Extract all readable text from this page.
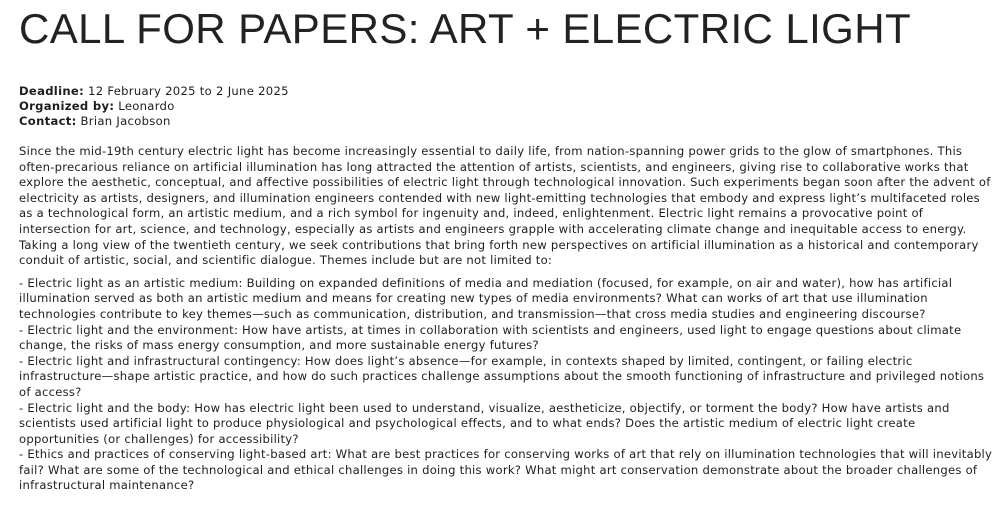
CALL FOR PAPERS: ART + ELECTRIC LIGHT
Deadline: 12 February 2025 to 2 June 2025
Organized by: Leonardo
Contact: Brian Jacobson

Since the mid-19th century electric light has become increasingly essential to daily life, from nation-spanning power grids to the glow of smartphones. This often-precarious reliance on artificial illumination has long attracted the attention of artists, scientists, and engineers, giving rise to collaborative works that explore the aesthetic, conceptual, and affective possibilities of electric light through technological innovation. Such experiments began soon after the advent of electricity as artists, designers, and illumination engineers contended with new light-emitting technologies that embody and express light’s multifaceted roles as a technological form, an artistic medium, and a rich symbol for ingenuity and, indeed, enlightenment. Electric light remains a provocative point of intersection for art, science, and technology, especially as artists and engineers grapple with accelerating climate change and inequitable access to energy. Taking a long view of the twentieth century, we seek contributions that bring forth new perspectives on artificial illumination as a historical and contemporary conduit of artistic, social, and scientific dialogue. Themes include but are not limited to:

- Electric light as an artistic medium: Building on expanded definitions of media and mediation (focused, for example, on air and water), how has artificial illumination served as both an artistic medium and means for creating new types of media environments? What can works of art that use illumination technologies contribute to key themes—such as communication, distribution, and transmission—that cross media studies and engineering discourse?
- Electric light and the environment: How have artists, at times in collaboration with scientists and engineers, used light to engage questions about climate change, the risks of mass energy consumption, and more sustainable energy futures?
- Electric light and infrastructural contingency: How does light’s absence—for example, in contexts shaped by limited, contingent, or failing electric infrastructure—shape artistic practice, and how do such practices challenge assumptions about the smooth functioning of infrastructure and privileged notions of access?
- Electric light and the body: How has electric light been used to understand, visualize, aestheticize, objectify, or torment the body? How have artists and scientists used artificial light to produce physiological and psychological effects, and to what ends? Does the artistic medium of electric light create opportunities (or challenges) for accessibility?
- Ethics and practices of conserving light-based art: What are best practices for conserving works of art that rely on illumination technologies that will inevitably fail? What are some of the technological and ethical challenges in doing this work? What might art conservation demonstrate about the broader challenges of infrastructural maintenance?
